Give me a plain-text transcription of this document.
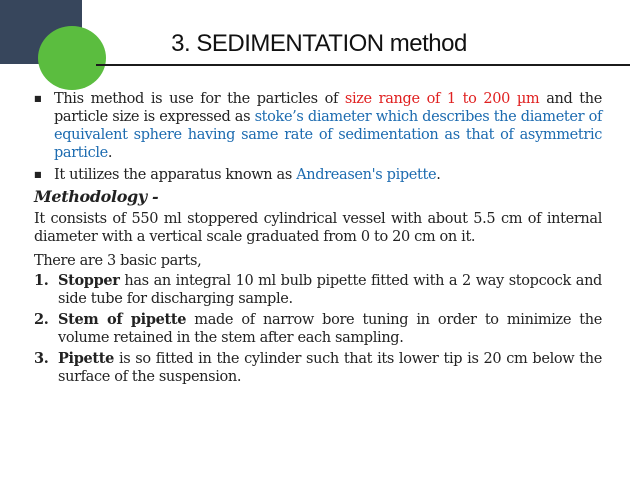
3. SEDIMENTATION method
■ This method is use for the particles of size range of 1 to 200 µm and the particle size is expressed as stoke’s diameter which describes the diameter of equivalent sphere having same rate of sedimentation as that of asymmetric particle.
■ It utilizes the apparatus known as Andreasen's pipette.
Methodology -

It consists of 550 ml stoppered cylindrical vessel with about 5.5 cm of internal diameter with a vertical scale graduated from 0 to 20 cm on it.

There are 3 basic parts,

1. Stopper has an integral 10 ml bulb pipette fitted with a 2 way stopcock and side tube for discharging sample.
2. Stem of pipette made of narrow bore tuning in order to minimize the volume retained in the stem after each sampling.
3. Pipette is so fitted in the cylinder such that its lower tip is 20 cm below the surface of the suspension.
